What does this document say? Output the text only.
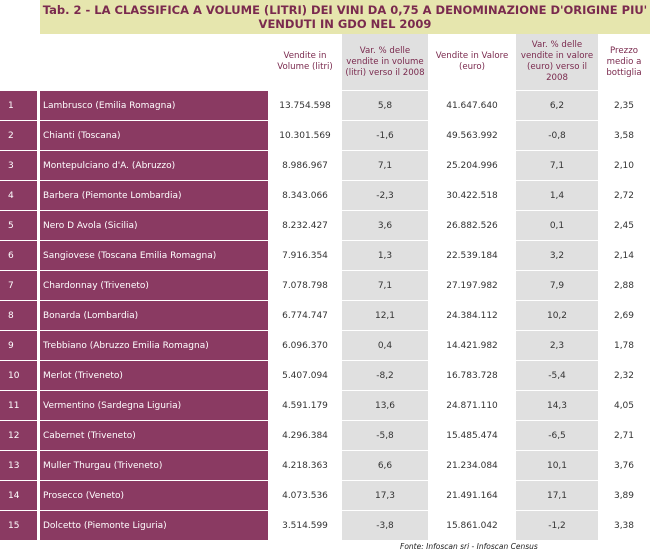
Tab. 2 - LA CLASSIFICA A VOLUME (LITRI) DEI VINI DA 0,75 A DENOMINAZIONE D'ORIGINE PIU'
VENDUTI IN GDO NEL 2009
		Vendite in Volume (litri)	Var. % delle vendite in volume (litri) verso il 2008	Vendite in Valore (euro)	Var. % delle vendite in valore (euro) verso il 2008	Prezzo medio a bottiglia
1	Lambrusco (Emilia Romagna)	13.754.598	5,8	41.647.640	6,2	2,35
2	Chianti (Toscana)	10.301.569	-1,6	49.563.992	-0,8	3,58
3	Montepulciano d'A. (Abruzzo)	8.986.967	7,1	25.204.996	7,1	2,10
4	Barbera (Piemonte Lombardia)	8.343.066	-2,3	30.422.518	1,4	2,72
5	Nero D Avola (Sicilia)	8.232.427	3,6	26.882.526	0,1	2,45
6	Sangiovese (Toscana Emilia Romagna)	7.916.354	1,3	22.539.184	3,2	2,14
7	Chardonnay (Triveneto)	7.078.798	7,1	27.197.982	7,9	2,88
8	Bonarda (Lombardia)	6.774.747	12,1	24.384.112	10,2	2,69
9	Trebbiano (Abruzzo Emilia Romagna)	6.096.370	0,4	14.421.982	2,3	1,78
10	Merlot (Triveneto)	5.407.094	-8,2	16.783.728	-5,4	2,32
11	Vermentino (Sardegna Liguria)	4.591.179	13,6	24.871.110	14,3	4,05
12	Cabernet (Triveneto)	4.296.384	-5,8	15.485.474	-6,5	2,71
13	Muller Thurgau (Triveneto)	4.218.363	6,6	21.234.084	10,1	3,76
14	Prosecco (Veneto)	4.073.536	17,3	21.491.164	17,1	3,89
15	Dolcetto (Piemonte Liguria)	3.514.599	-3,8	15.861.042	-1,2	3,38
Fonte: Infoscan sri - Infoscan Census
